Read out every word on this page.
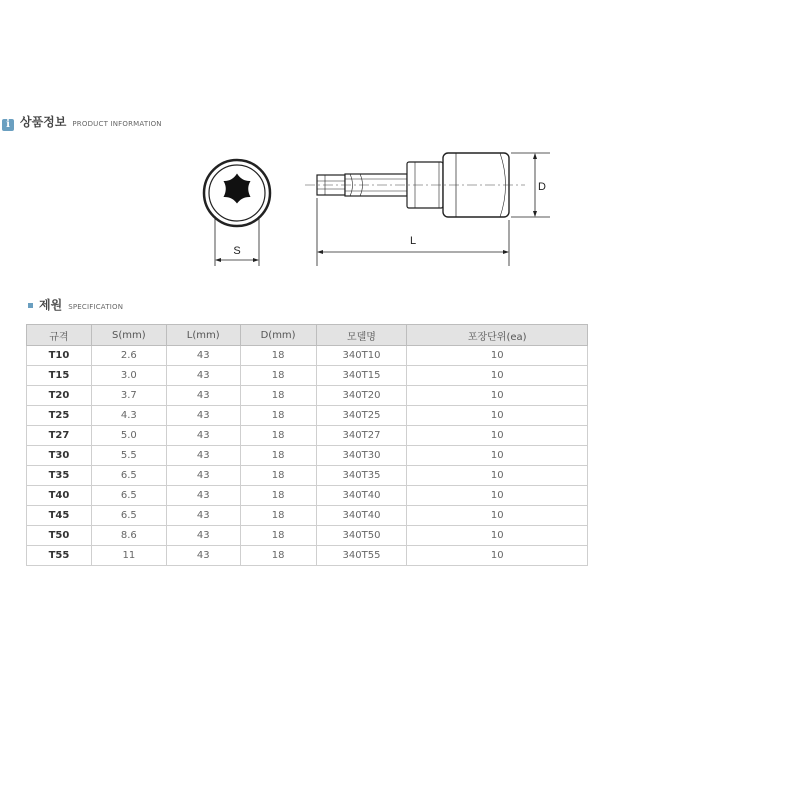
i 상품정보 PRODUCT INFORMATION
S
L
D
제원 SPECIFICATION
규격	S(mm)	L(mm)	D(mm)	모델명	포장단위(ea)
T10	2.6	43	18	340T10	10
T15	3.0	43	18	340T15	10
T20	3.7	43	18	340T20	10
T25	4.3	43	18	340T25	10
T27	5.0	43	18	340T27	10
T30	5.5	43	18	340T30	10
T35	6.5	43	18	340T35	10
T40	6.5	43	18	340T40	10
T45	6.5	43	18	340T40	10
T50	8.6	43	18	340T50	10
T55	11	43	18	340T55	10
